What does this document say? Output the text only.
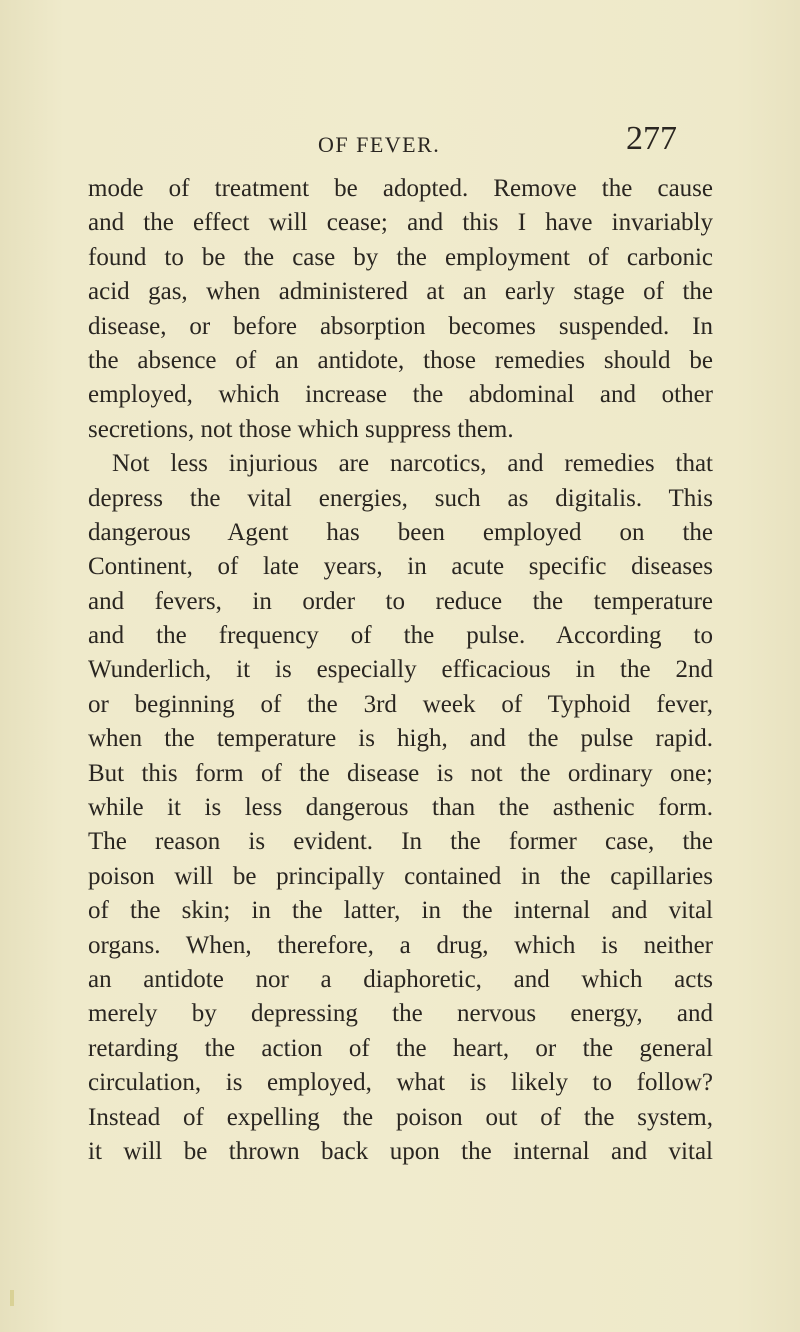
OF FEVER.	277
mode of treatment be adopted. Remove the cause
and the effect will cease; and this I have invariably
found to be the case by the employment of carbonic
acid gas, when administered at an early stage of the
disease, or before absorption becomes suspended. In
the absence of an antidote, those remedies should be
employed, which increase the abdominal and other
secretions, not those which suppress them.
Not less injurious are narcotics, and remedies that
depress the vital energies, such as digitalis. This
dangerous Agent has been employed on the
Continent, of late years, in acute specific diseases
and fevers, in order to reduce the temperature
and the frequency of the pulse. According to
Wunderlich, it is especially efficacious in the 2nd
or beginning of the 3rd week of Typhoid fever,
when the temperature is high, and the pulse rapid.
But this form of the disease is not the ordinary one;
while it is less dangerous than the asthenic form.
The reason is evident. In the former case, the
poison will be principally contained in the capillaries
of the skin; in the latter, in the internal and vital
organs. When, therefore, a drug, which is neither
an antidote nor a diaphoretic, and which acts
merely by depressing the nervous energy, and
retarding the action of the heart, or the general
circulation, is employed, what is likely to follow?
Instead of expelling the poison out of the system,
it will be thrown back upon the internal and vital
